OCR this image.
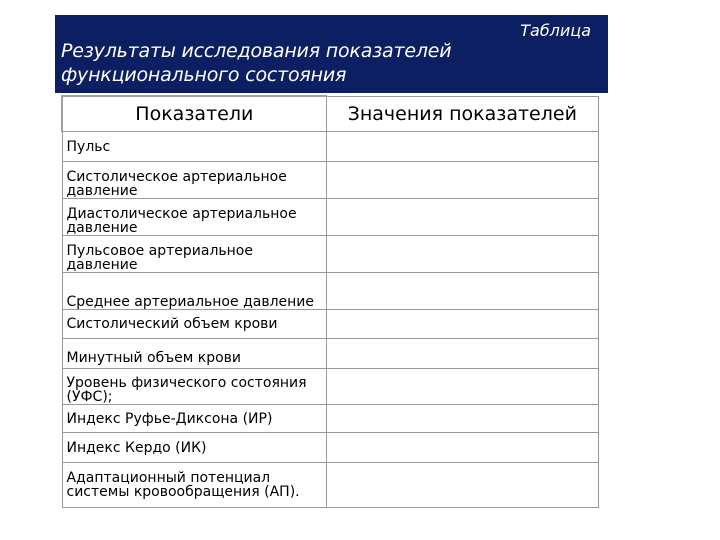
Таблица
Результаты исследования показателей
функционального состояния
Показатели	Значения показателей
Пульс	
Систолическое артериальное давление	
Диастолическое артериальное давление	
Пульсовое артериальное давление	
Среднее артериальное давление	
Систолический объем крови	
Минутный объем крови	
Уровень физического состояния (УФС);	
Индекс Руфье-Диксона (ИР)	
Индекс Кердо (ИК)	
Адаптационный потенциал системы кровообращения (АП).	
